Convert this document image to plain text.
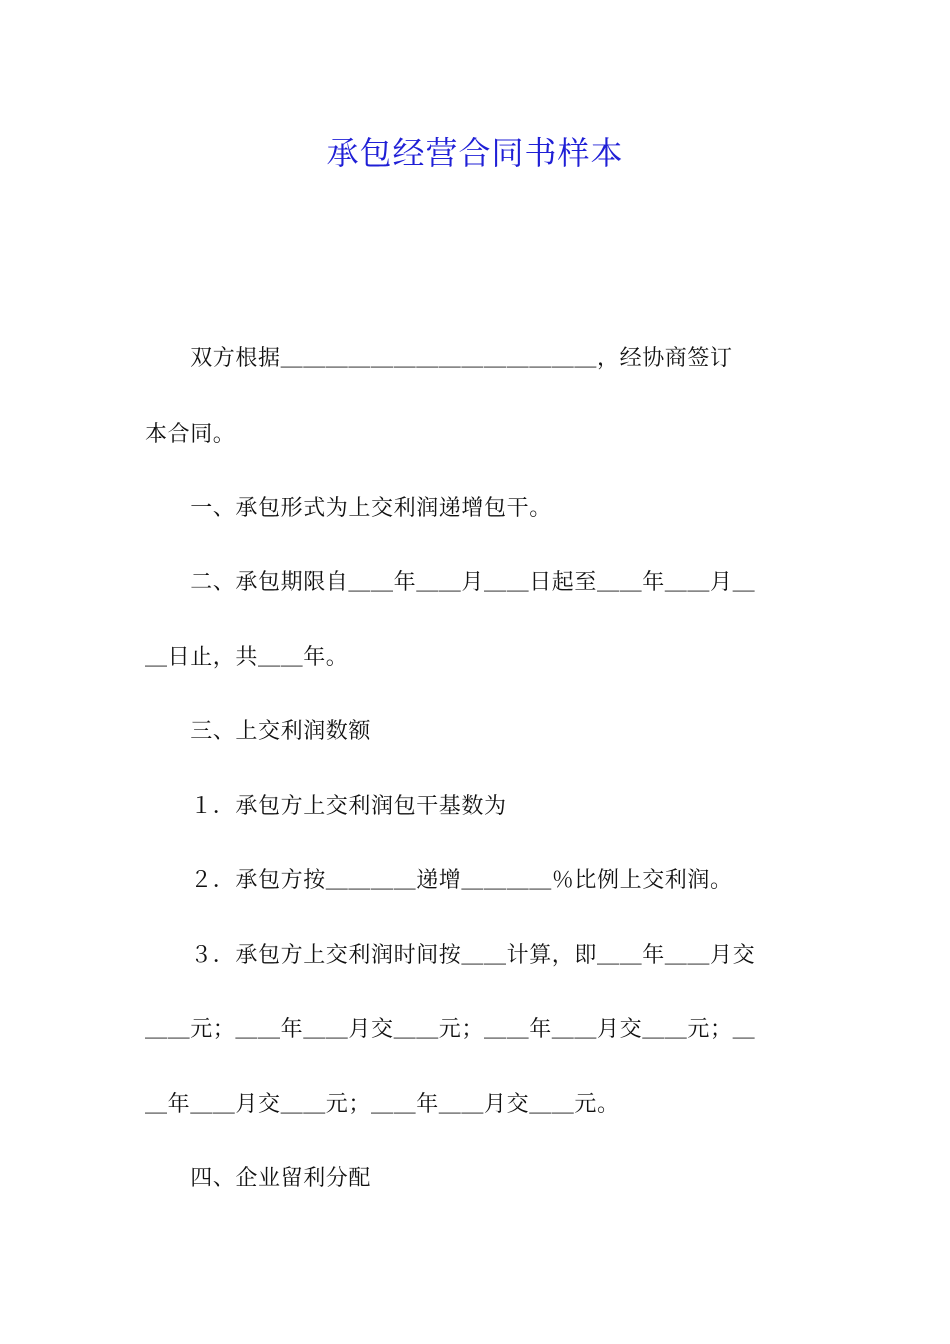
承包经营合同书样本
　　双方根据＿＿＿＿＿＿＿＿＿＿＿＿＿＿，经协商签订
本合同。
　　一、承包形式为上交利润递增包干。
　　二、承包期限自＿＿年＿＿月＿＿日起至＿＿年＿＿月＿
＿日止，共＿＿年。
　　三、上交利润数额
　　１．承包方上交利润包干基数为
　　２．承包方按＿＿＿＿递增＿＿＿＿％比例上交利润。
　　３．承包方上交利润时间按＿＿计算，即＿＿年＿＿月交
＿＿元；＿＿年＿＿月交＿＿元；＿＿年＿＿月交＿＿元；＿
＿年＿＿月交＿＿元；＿＿年＿＿月交＿＿元。
　　四、企业留利分配
